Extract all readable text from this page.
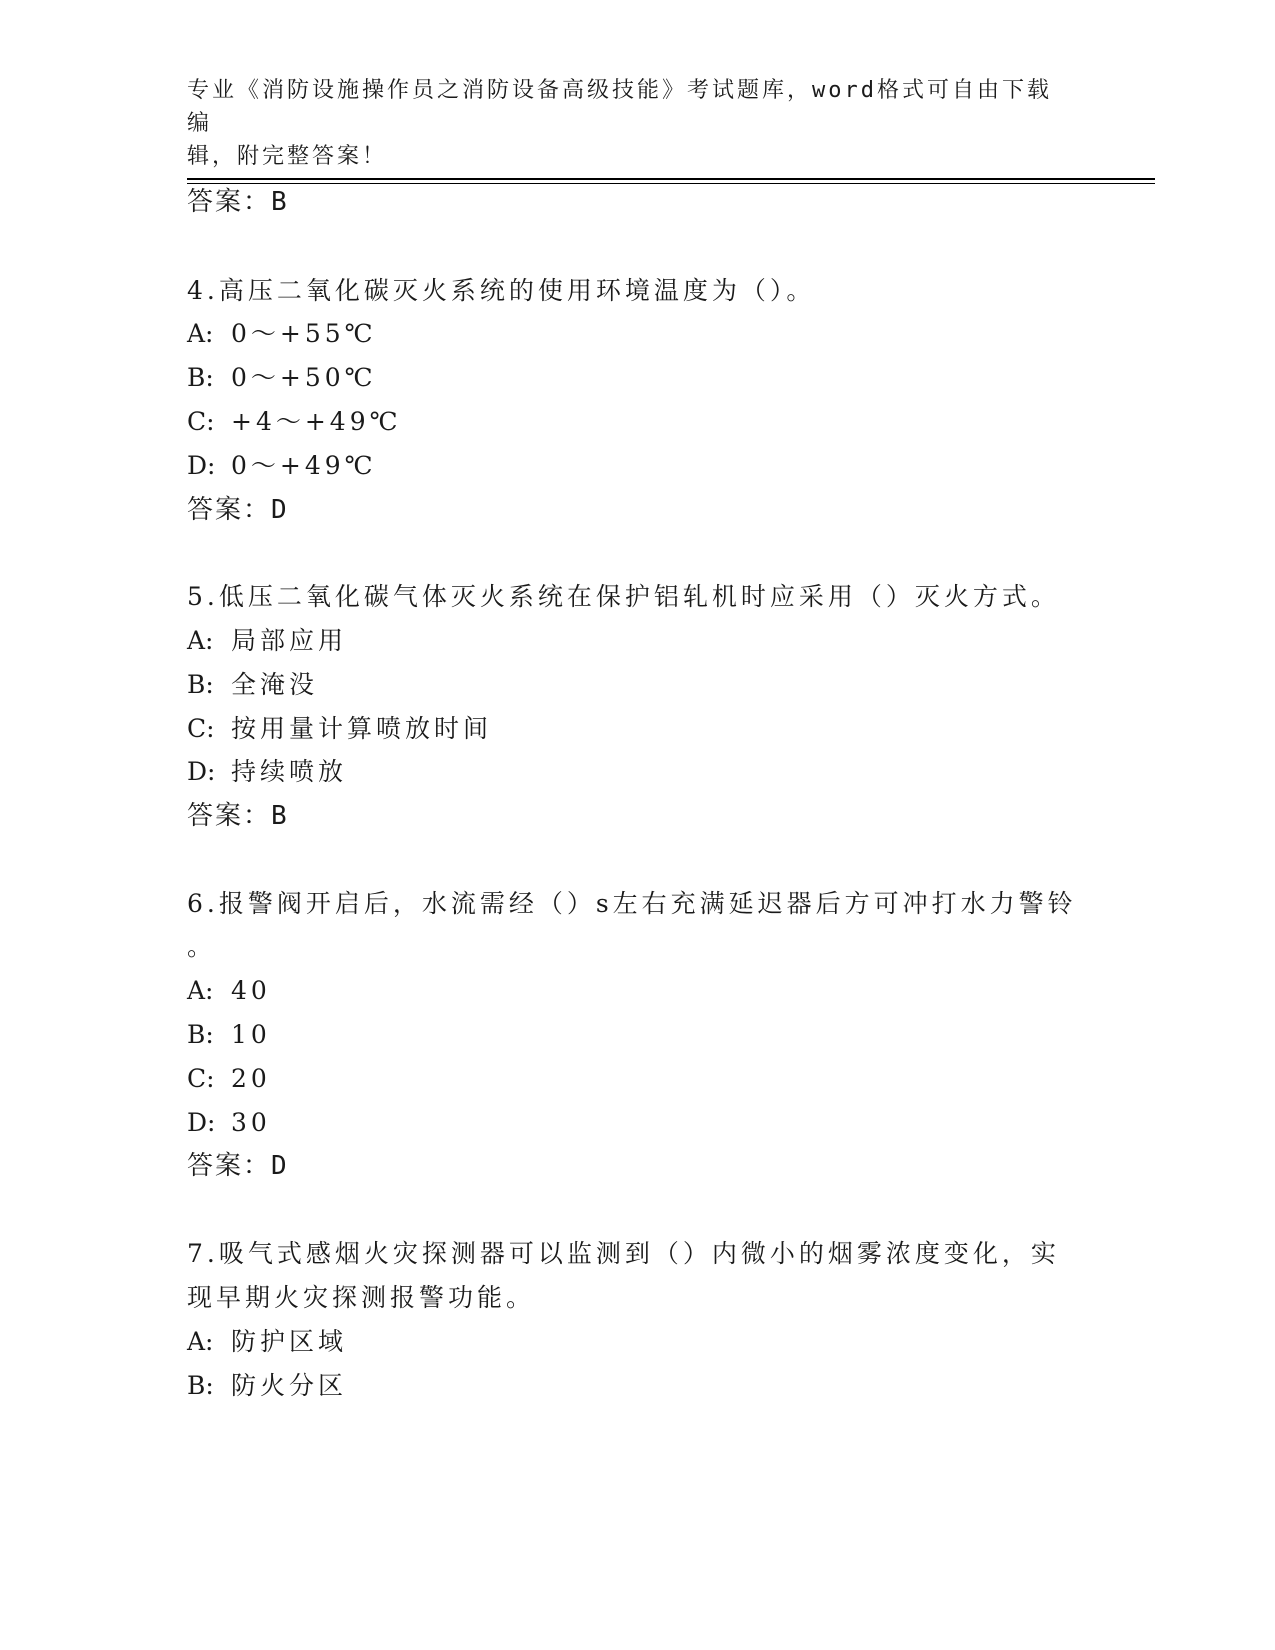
专业《消防设施操作员之消防设备高级技能》考试题库，word格式可自由下载编
辑，附完整答案！
答案：B
4.高压二氧化碳灭火系统的使用环境温度为（）。
A: 0～+55℃
B: 0～+50℃
C: +4～+49℃
D: 0～+49℃
答案：D
5.低压二氧化碳气体灭火系统在保护铝轧机时应采用（）灭火方式。
A: 局部应用
B: 全淹没
C: 按用量计算喷放时间
D: 持续喷放
答案：B
6.报警阀开启后，水流需经（）s左右充满延迟器后方可冲打水力警铃
。
A: 40
B: 10
C: 20
D: 30
答案：D
7.吸气式感烟火灾探测器可以监测到（）内微小的烟雾浓度变化，实
现早期火灾探测报警功能。
A: 防护区域
B: 防火分区
